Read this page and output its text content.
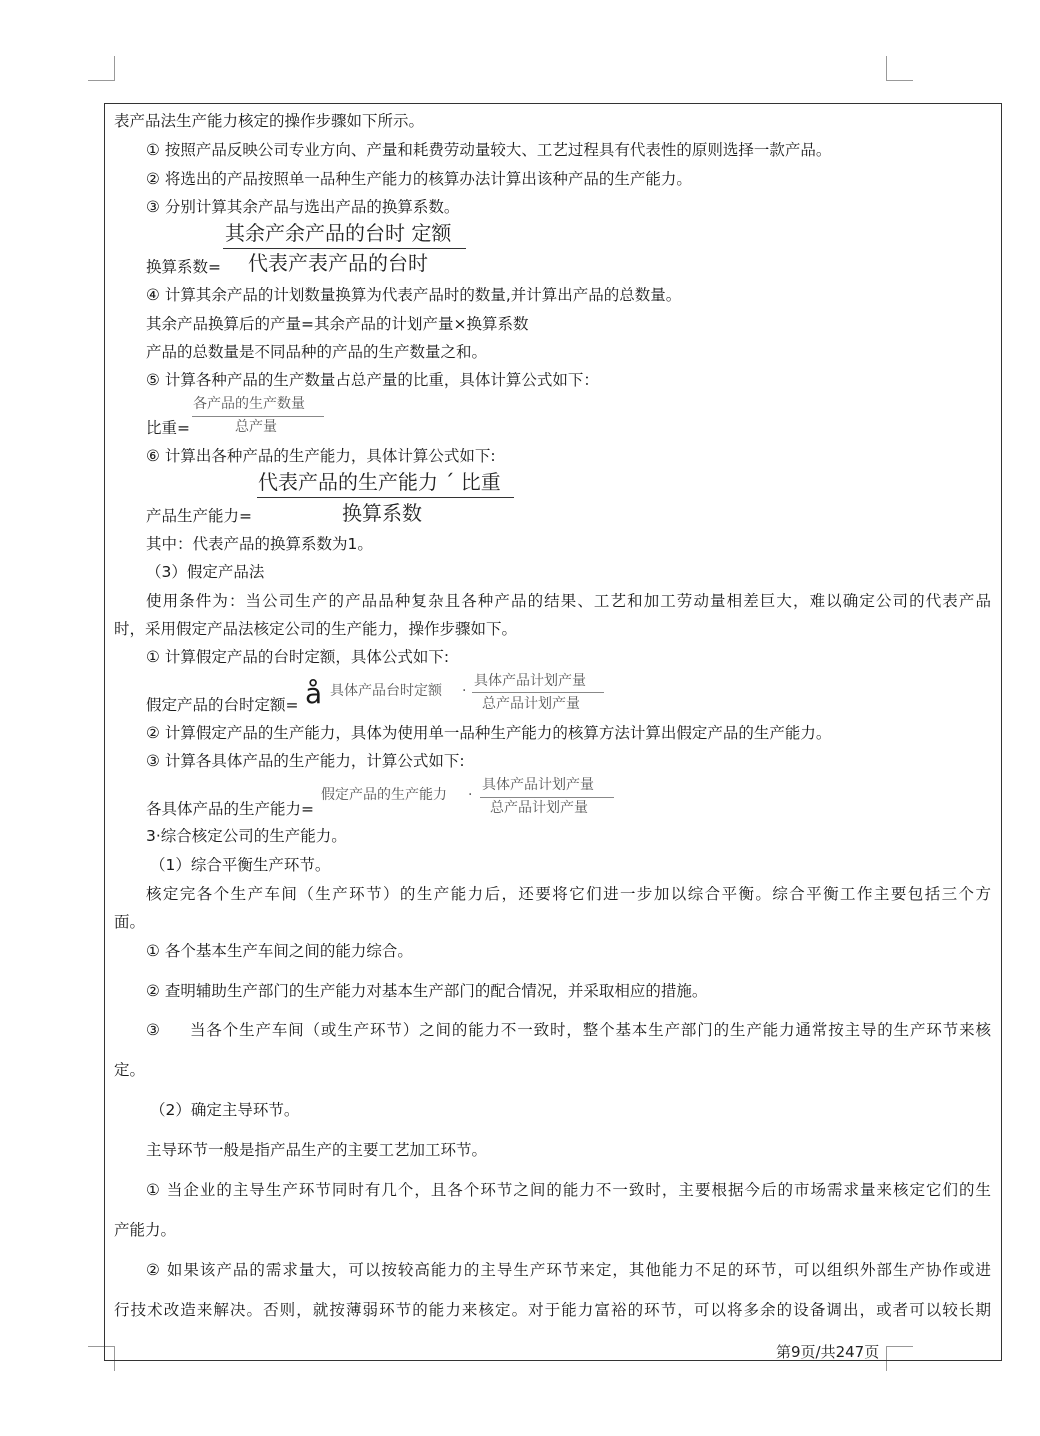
表产品法生产能力核定的操作步骤如下所示。
① 按照产品反映公司专业方向、产量和耗费劳动量较大、工艺过程具有代表性的原则选择一款产品。
② 将选出的产品按照单一品种生产能力的核算办法计算出该种产品的生产能力。
③ 分别计算其余产品与选出产品的换算系数。
其余产余产品的台时 定额
换算系数= 代表产表产品的台时
④ 计算其余产品的计划数量换算为代表产品时的数量,并计算出产品的总数量。
其余产品换算后的产量=其余产品的计划产量×换算系数
产品的总数量是不同品种的产品的生产数量之和。
⑤ 计算各种产品的生产数量占总产量的比重，具体计算公式如下：
各产品的生产数量
比重=	总产量
⑥ 计算出各种产品的生产能力，具体计算公式如下:
代表产品的生产能力 ´ 比重
产品生产能力=	换算系数
其中：代表产品的换算系数为1。
（3）假定产品法
使用条件为：当公司生产的产品品种复杂且各种产品的结果、工艺和加工劳动量相差巨大，难以确定公司的代表产品
时，采用假定产品法核定公司的生产能力，操作步骤如下。
① 计算假定产品的台时定额，具体公式如下:
假定产品的台时定额= å 具体产品台时定额 ·
具体产品计划产量
总产品计划产量
② 计算假定产品的生产能力，具体为使用单一品种生产能力的核算方法计算出假定产品的生产能力。
③ 计算各具体产品的生产能力，计算公式如下:
各具体产品的生产能力=
假定产品的生产能力 ·
具体产品计划产量
总产品计划产量
3·综合核定公司的生产能力。
（1）综合平衡生产环节。
核定完各个生产车间（生产环节）的生产能力后，还要将它们进一步加以综合平衡。综合平衡工作主要包括三个方
面。
① 各个基本生产车间之间的能力综合。
② 查明辅助生产部门的生产能力对基本生产部门的配合情况，并采取相应的措施。
③ 当各个生产车间（或生产环节）之间的能力不一致时，整个基本生产部门的生产能力通常按主导的生产环节来核
定。
（2）确定主导环节。
主导环节一般是指产品生产的主要工艺加工环节。
① 当企业的主导生产环节同时有几个，且各个环节之间的能力不一致时，主要根据今后的市场需求量来核定它们的生
产能力。
② 如果该产品的需求量大，可以按较高能力的主导生产环节来定，其他能力不足的环节，可以组织外部生产协作或进
行技术改造来解决。否则，就按薄弱环节的能力来核定。对于能力富裕的环节，可以将多余的设备调出，或者可以较长期
第9页/共247页
